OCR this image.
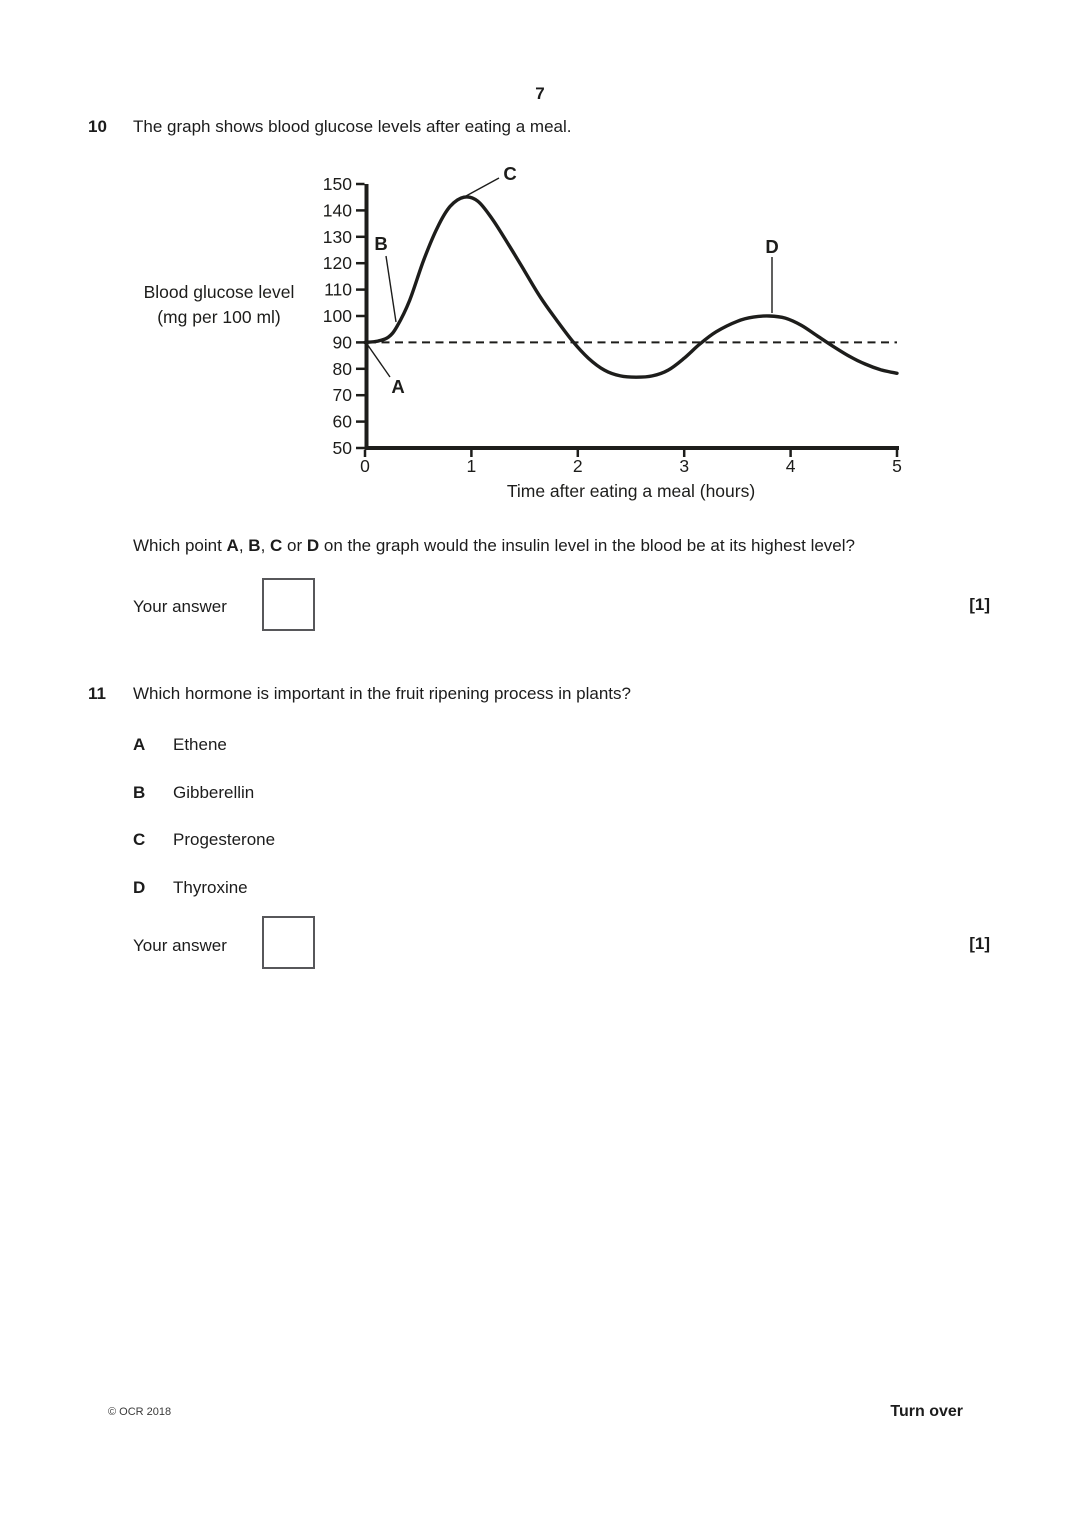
7
10 The graph shows blood glucose levels after eating a meal.
50
60
70
80
90
100
110
120
130
140
150
0	1	2	3	4	5
A
B
C
D
Blood glucose level
(mg per 100 ml)
Time after eating a meal (hours)
Which point A, B, C or D on the graph would the insulin level in the blood be at its highest level?
Your answer	[1]
11 Which hormone is important in the fruit ripening process in plants?
A	Ethene
B	Gibberellin
C	Progesterone
D	Thyroxine
Your answer	[1]
© OCR 2018	Turn over
